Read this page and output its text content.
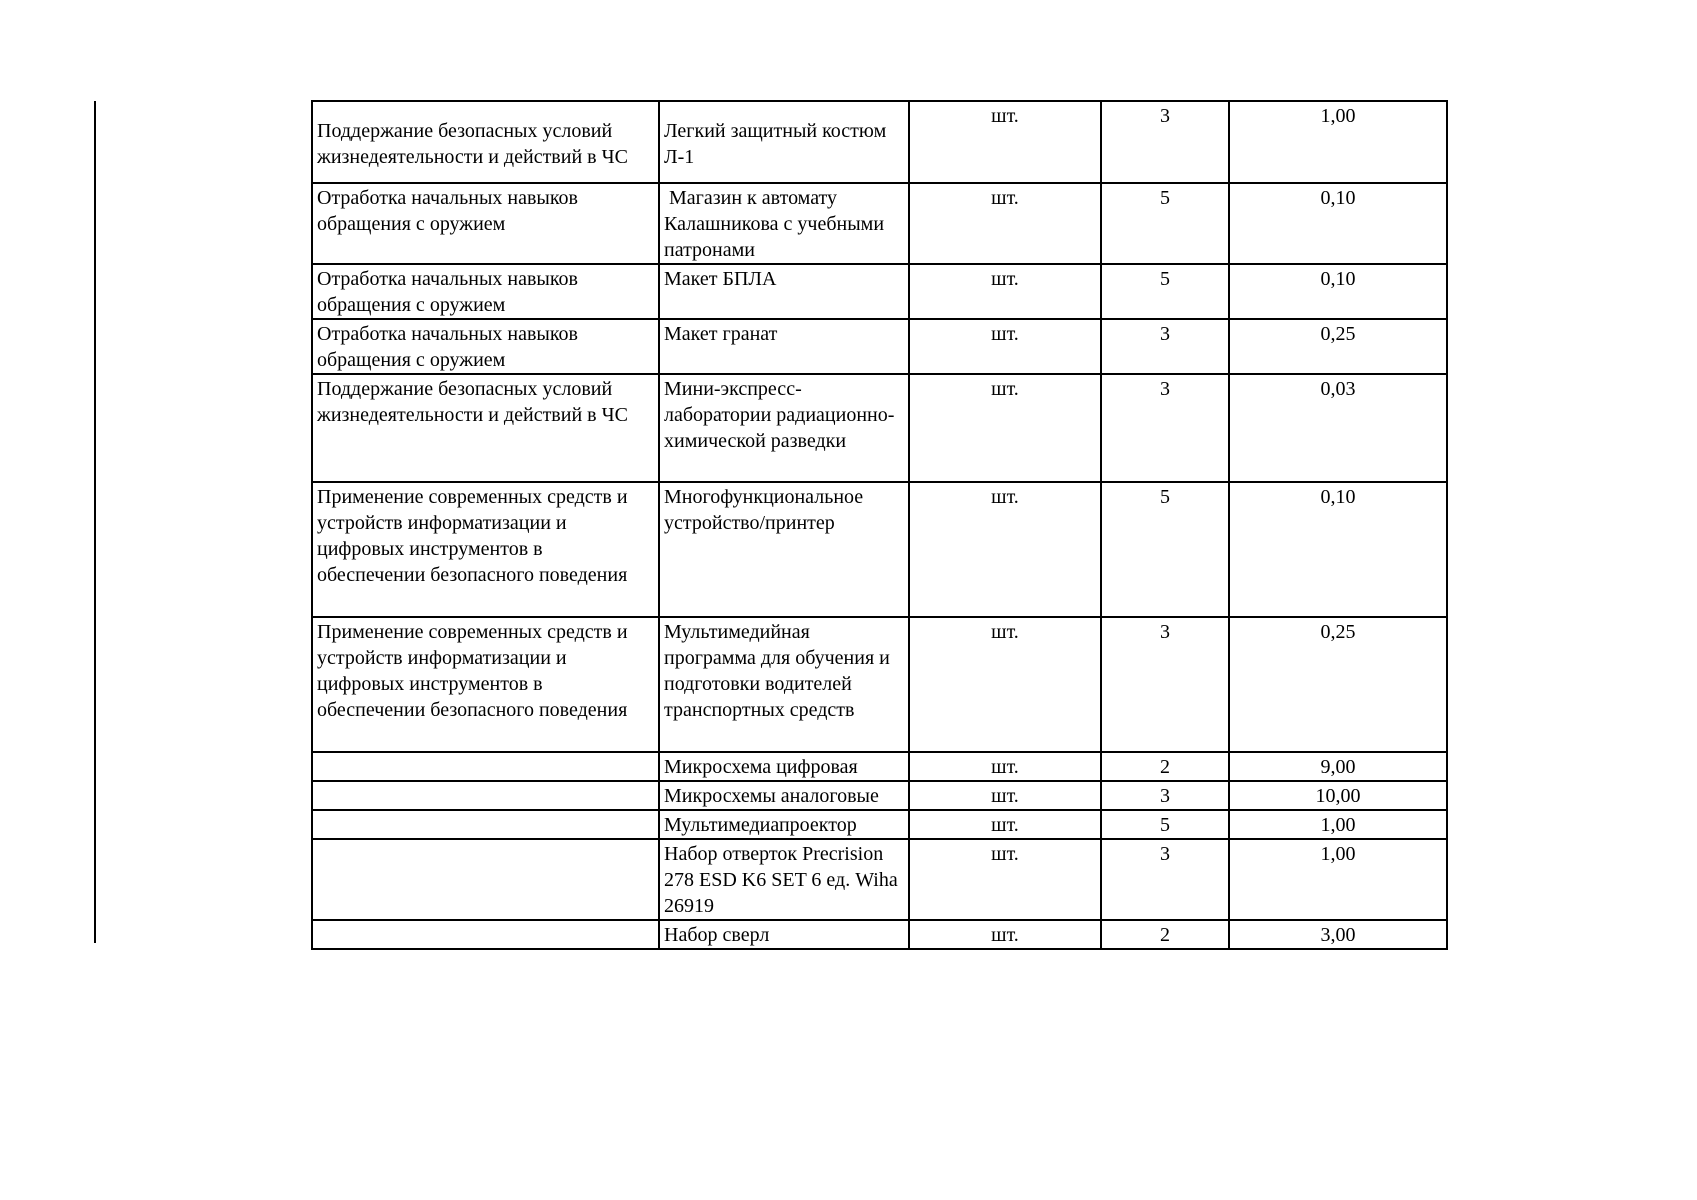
Поддержание безопасных условий жизнедеятельности и действий в ЧС	Легкий защитный костюм Л-1	шт.	3	1,00
Отработка начальных навыков обращения с оружием	Магазин к автомату Калашникова с учебными патронами	шт.	5	0,10
Отработка начальных навыков обращения с оружием	Макет БПЛА	шт.	5	0,10
Отработка начальных навыков обращения с оружием	Макет гранат	шт.	3	0,25
Поддержание безопасных условий жизнедеятельности и действий в ЧС	Мини-экспресс-лаборатории радиационно-химической разведки	шт.	3	0,03
Применение современных средств и устройств информатизации и цифровых инструментов в обеспечении безопасного поведения	Многофункциональное устройство/принтер	шт.	5	0,10
Применение современных средств и устройств информатизации и цифровых инструментов в обеспечении безопасного поведения	Мультимедийная программа для обучения и подготовки водителей транспортных средств	шт.	3	0,25
	Микросхема цифровая	шт.	2	9,00
	Микросхемы аналоговые	шт.	3	10,00
	Мультимедиапроектор	шт.	5	1,00
	Набор отверток Precrision 278 ESD K6 SET 6 ед. Wiha 26919	шт.	3	1,00
	Набор сверл	шт.	2	3,00
